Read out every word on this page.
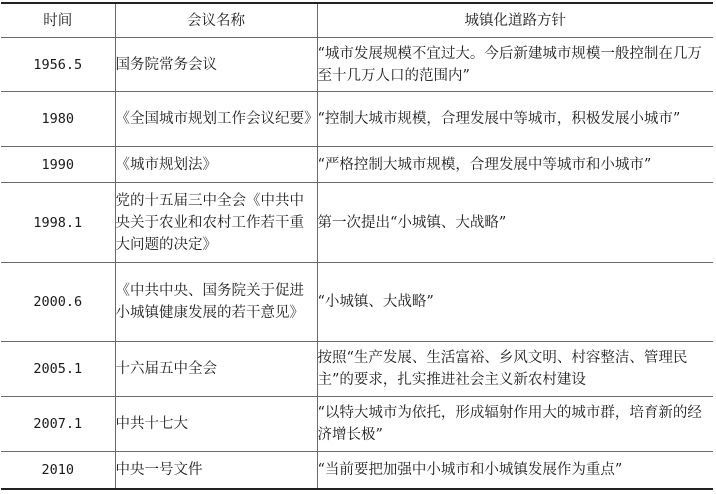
时间	会议名称	城镇化道路方针
1956.5	国务院常务会议	“城市发展规模不宜过大。今后新建城市规模一般控制在几万至十几万人口的范围内”
1980	《全国城市规划工作会议纪要》	“控制大城市规模，合理发展中等城市，积极发展小城市”
1990	《城市规划法》	“严格控制大城市规模，合理发展中等城市和小城市”
1998.1	党的十五届三中全会《中共中央关于农业和农村工作若干重大问题的决定》	第一次提出“小城镇、大战略”
2000.6	《中共中央、国务院关于促进小城镇健康发展的若干意见》	“小城镇、大战略”
2005.1	十六届五中全会	按照“生产发展、生活富裕、乡风文明、村容整洁、管理民主”的要求，扎实推进社会主义新农村建设
2007.1	中共十七大	“以特大城市为依托，形成辐射作用大的城市群，培育新的经济增长极”
2010	中央一号文件	“当前要把加强中小城市和小城镇发展作为重点”
